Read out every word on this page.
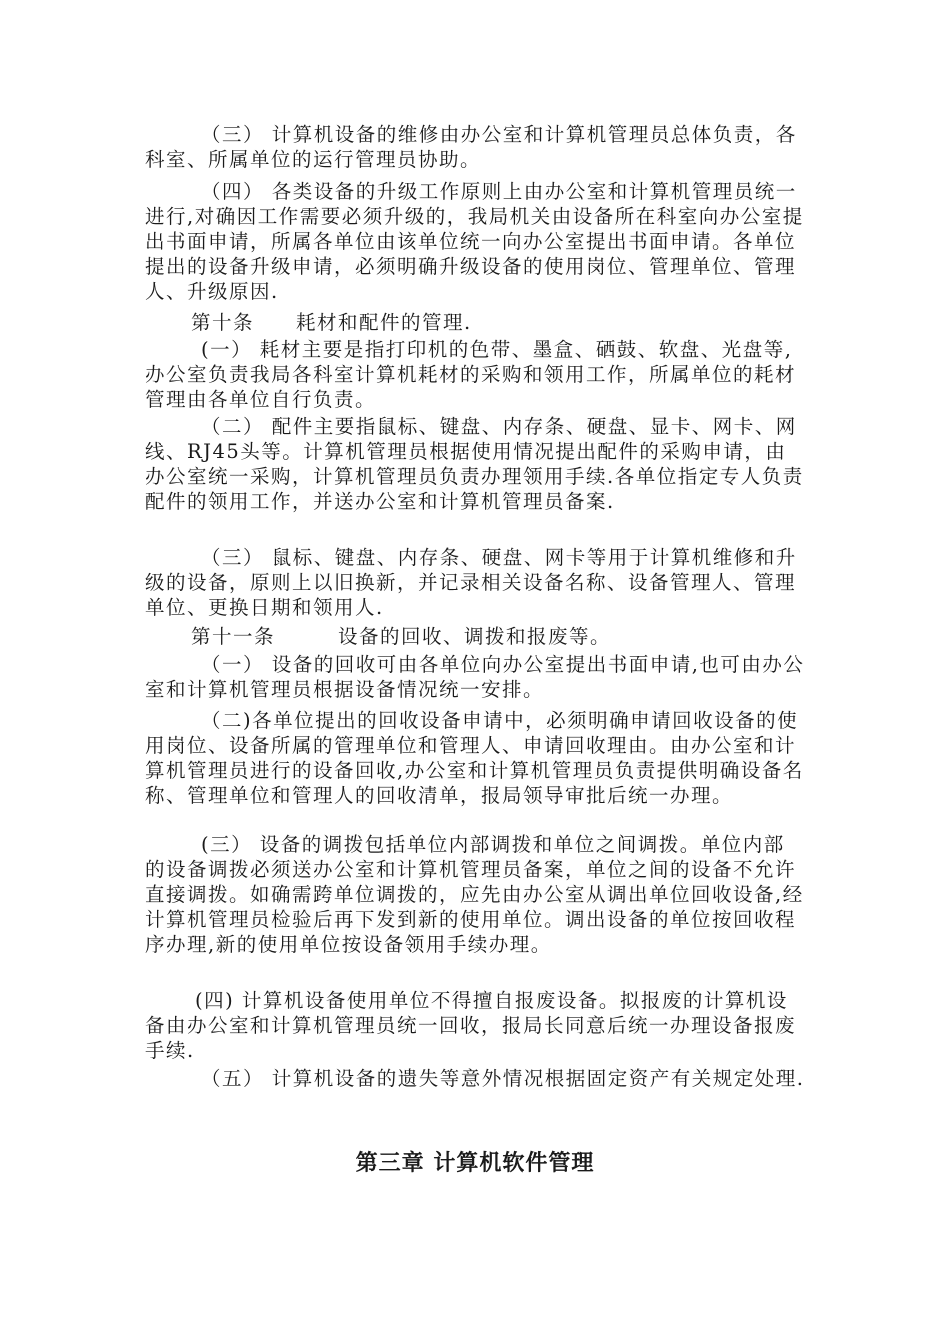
（三） 计算机设备的维修由办公室和计算机管理员总体负责，各科室、所属单位的运行管理员协助。

（四） 各类设备的升级工作原则上由办公室和计算机管理员统一进行,对确因工作需要必须升级的，我局机关由设备所在科室向办公室提出书面申请，所属各单位由该单位统一向办公室提出书面申请。各单位提出的设备升级申请，必须明确升级设备的使用岗位、管理单位、管理人、升级原因.

第十条　　耗材和配件的管理.

(一） 耗材主要是指打印机的色带、墨盒、硒鼓、软盘、光盘等,办公室负责我局各科室计算机耗材的采购和领用工作，所属单位的耗材管理由各单位自行负责。

（二） 配件主要指鼠标、键盘、内存条、硬盘、显卡、网卡、网线、RJ45头等。计算机管理员根据使用情况提出配件的采购申请，由办公室统一采购，计算机管理员负责办理领用手续.各单位指定专人负责配件的领用工作，并送办公室和计算机管理员备案.

（三） 鼠标、键盘、内存条、硬盘、网卡等用于计算机维修和升级的设备，原则上以旧换新，并记录相关设备名称、设备管理人、管理单位、更换日期和领用人.

第十一条　　　设备的回收、调拨和报废等。

（一） 设备的回收可由各单位向办公室提出书面申请,也可由办公室和计算机管理员根据设备情况统一安排。

（二)各单位提出的回收设备申请中，必须明确申请回收设备的使用岗位、设备所属的管理单位和管理人、申请回收理由。由办公室和计算机管理员进行的设备回收,办公室和计算机管理员负责提供明确设备名称、管理单位和管理人的回收清单，报局领导审批后统一办理。

(三） 设备的调拨包括单位内部调拨和单位之间调拨。单位内部的设备调拨必须送办公室和计算机管理员备案，单位之间的设备不允许直接调拨。如确需跨单位调拨的，应先由办公室从调出单位回收设备,经计算机管理员检验后再下发到新的使用单位。调出设备的单位按回收程序办理,新的使用单位按设备领用手续办理。

(四) 计算机设备使用单位不得擅自报废设备。拟报废的计算机设备由办公室和计算机管理员统一回收，报局长同意后统一办理设备报废手续.

（五） 计算机设备的遗失等意外情况根据固定资产有关规定处理.

第三章 计算机软件管理
